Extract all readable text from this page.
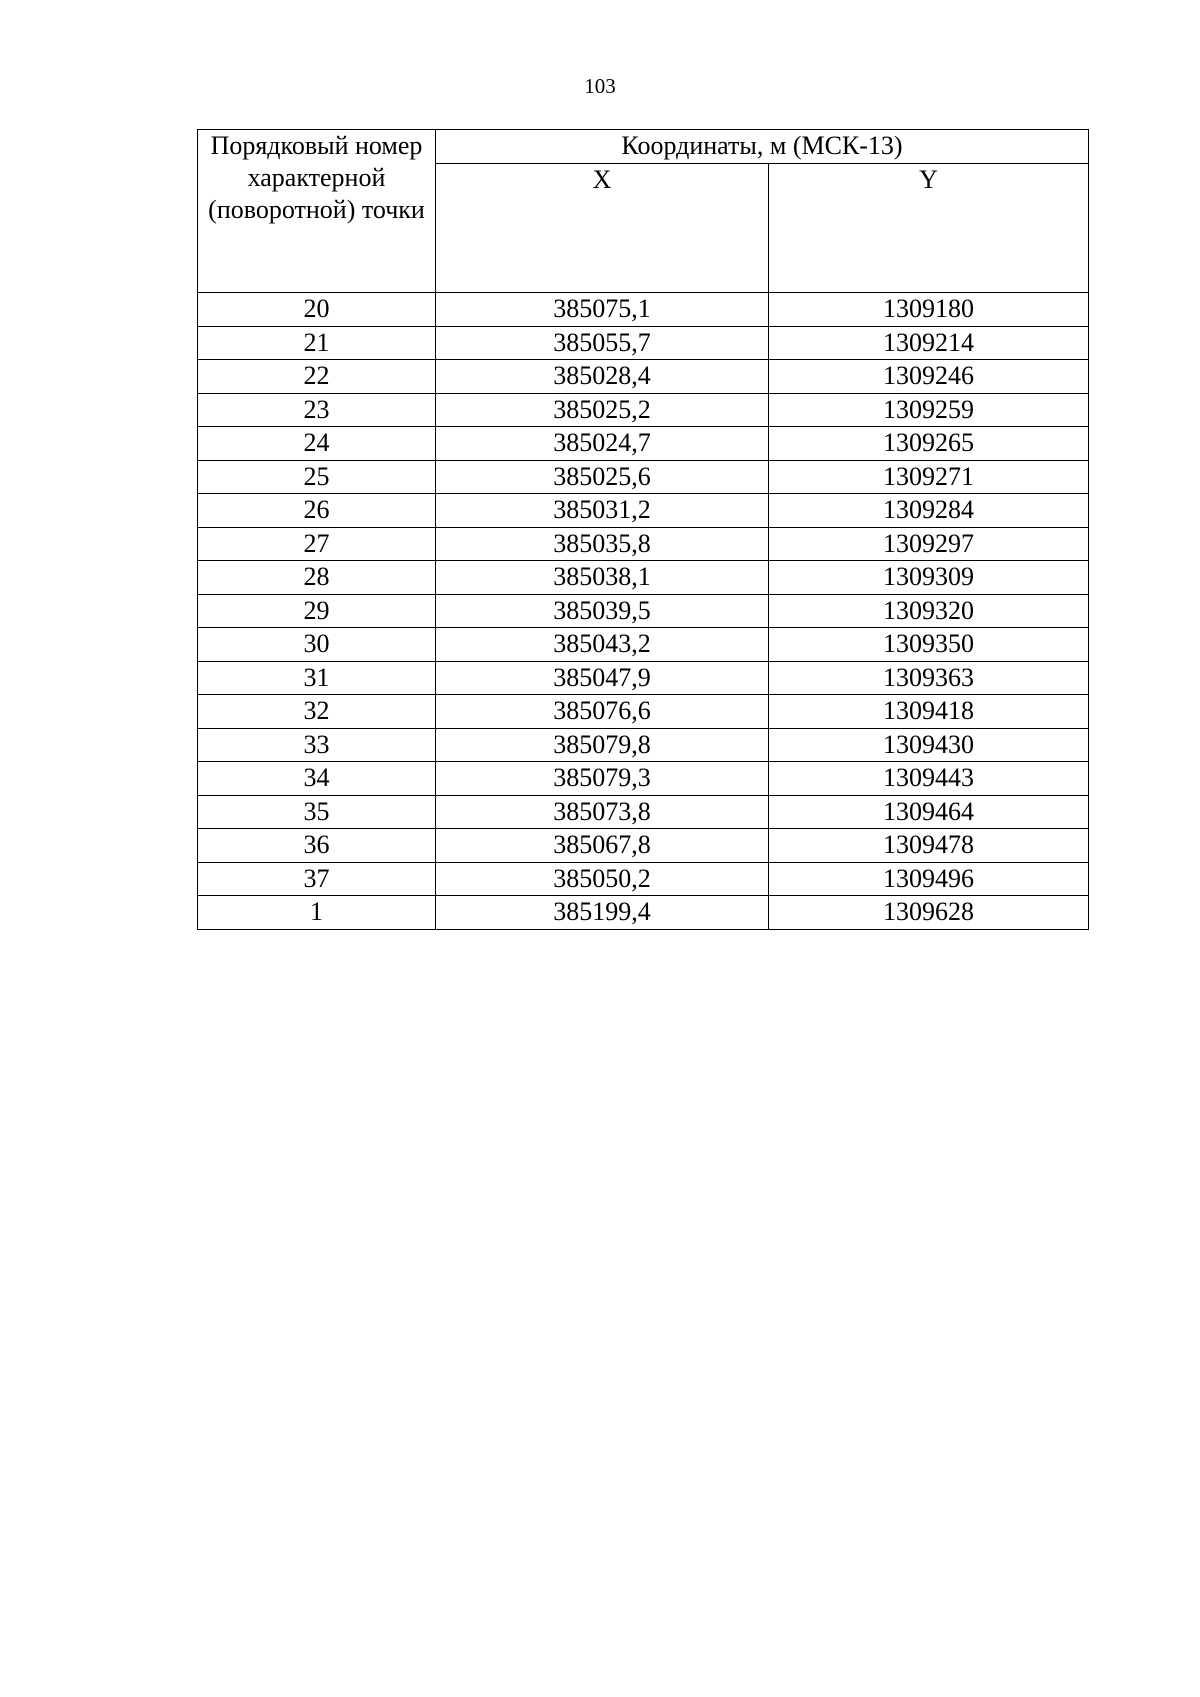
103
Порядковый номер характерной (поворотной) точки	Координаты, м (МСК-13)	
	X	Y
20	385075,1	1309180
21	385055,7	1309214
22	385028,4	1309246
23	385025,2	1309259
24	385024,7	1309265
25	385025,6	1309271
26	385031,2	1309284
27	385035,8	1309297
28	385038,1	1309309
29	385039,5	1309320
30	385043,2	1309350
31	385047,9	1309363
32	385076,6	1309418
33	385079,8	1309430
34	385079,3	1309443
35	385073,8	1309464
36	385067,8	1309478
37	385050,2	1309496
1	385199,4	1309628
